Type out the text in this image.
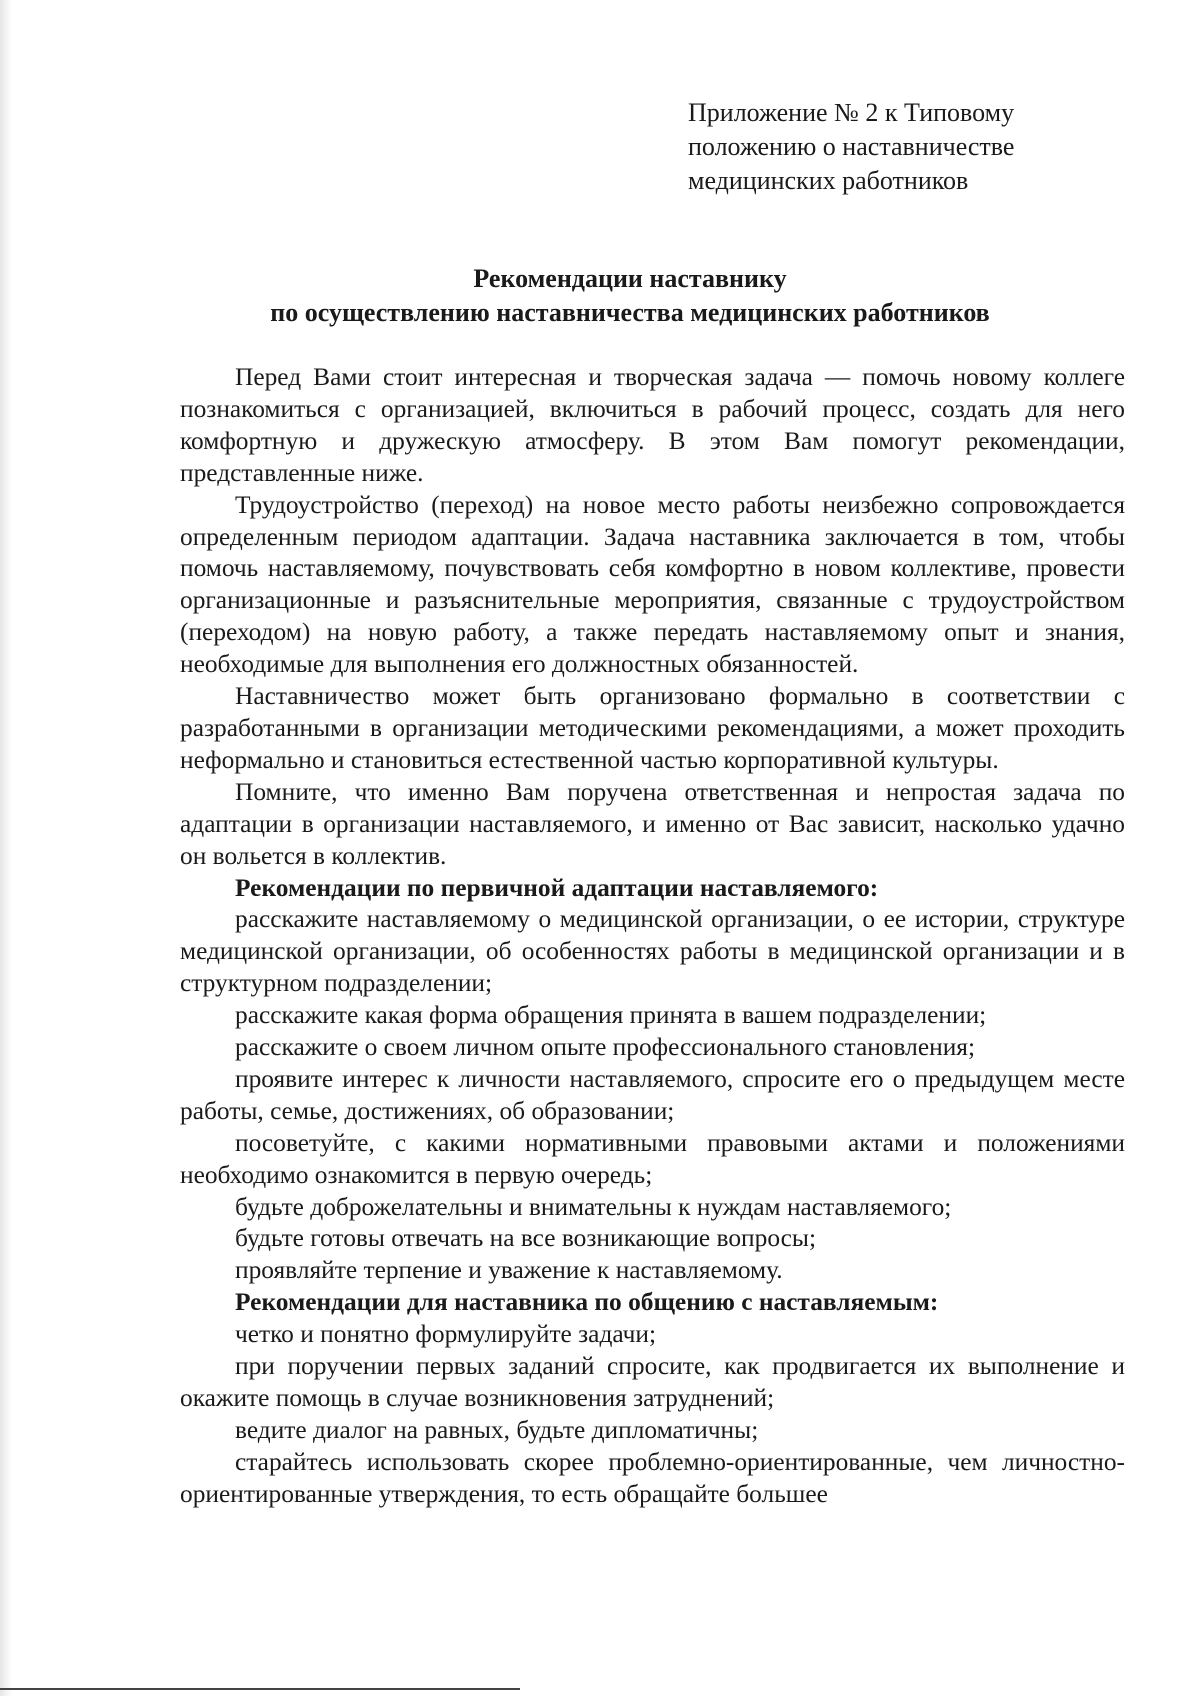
Приложение № 2 к Типовому
положению о наставничестве
медицинских работников
Рекомендации наставнику
по осуществлению наставничества медицинских работников

Перед Вами стоит интересная и творческая задача — помочь новому коллеге познакомиться с организацией, включиться в рабочий процесс, создать для него комфортную и дружескую атмосферу. В этом Вам помогут рекомендации, представленные ниже.

Трудоустройство (переход) на новое место работы неизбежно сопровождается определенным периодом адаптации. Задача наставника заключается в том, чтобы помочь наставляемому, почувствовать себя комфортно в новом коллективе, провести организационные и разъяснительные мероприятия, связанные с трудоустройством (переходом) на новую работу, а также передать наставляемому опыт и знания, необходимые для выполнения его должностных обязанностей.

Наставничество может быть организовано формально в соответствии с разработанными в организации методическими рекомендациями, а может проходить неформально и становиться естественной частью корпоративной культуры.

Помните, что именно Вам поручена ответственная и непростая задача по адаптации в организации наставляемого, и именно от Вас зависит, насколько удачно он вольется в коллектив.

Рекомендации по первичной адаптации наставляемого:

расскажите наставляемому о медицинской организации, о ее истории, структуре медицинской организации, об особенностях работы в медицинской организации и в структурном подразделении;

расскажите какая форма обращения принята в вашем подразделении;

расскажите о своем личном опыте профессионального становления;

проявите интерес к личности наставляемого, спросите его о предыдущем месте работы, семье, достижениях, об образовании;

посоветуйте, с какими нормативными правовыми актами и положениями необходимо ознакомится в первую очередь;

будьте доброжелательны и внимательны к нуждам наставляемого;

будьте готовы отвечать на все возникающие вопросы;

проявляйте терпение и уважение к наставляемому.

Рекомендации для наставника по общению с наставляемым:

четко и понятно формулируйте задачи;

при поручении первых заданий спросите, как продвигается их выполнение и окажите помощь в случае возникновения затруднений;

ведите диалог на равных, будьте дипломатичны;

старайтесь использовать скорее проблемно-ориентированные, чем личностно-ориентированные утверждения, то есть обращайте большее
